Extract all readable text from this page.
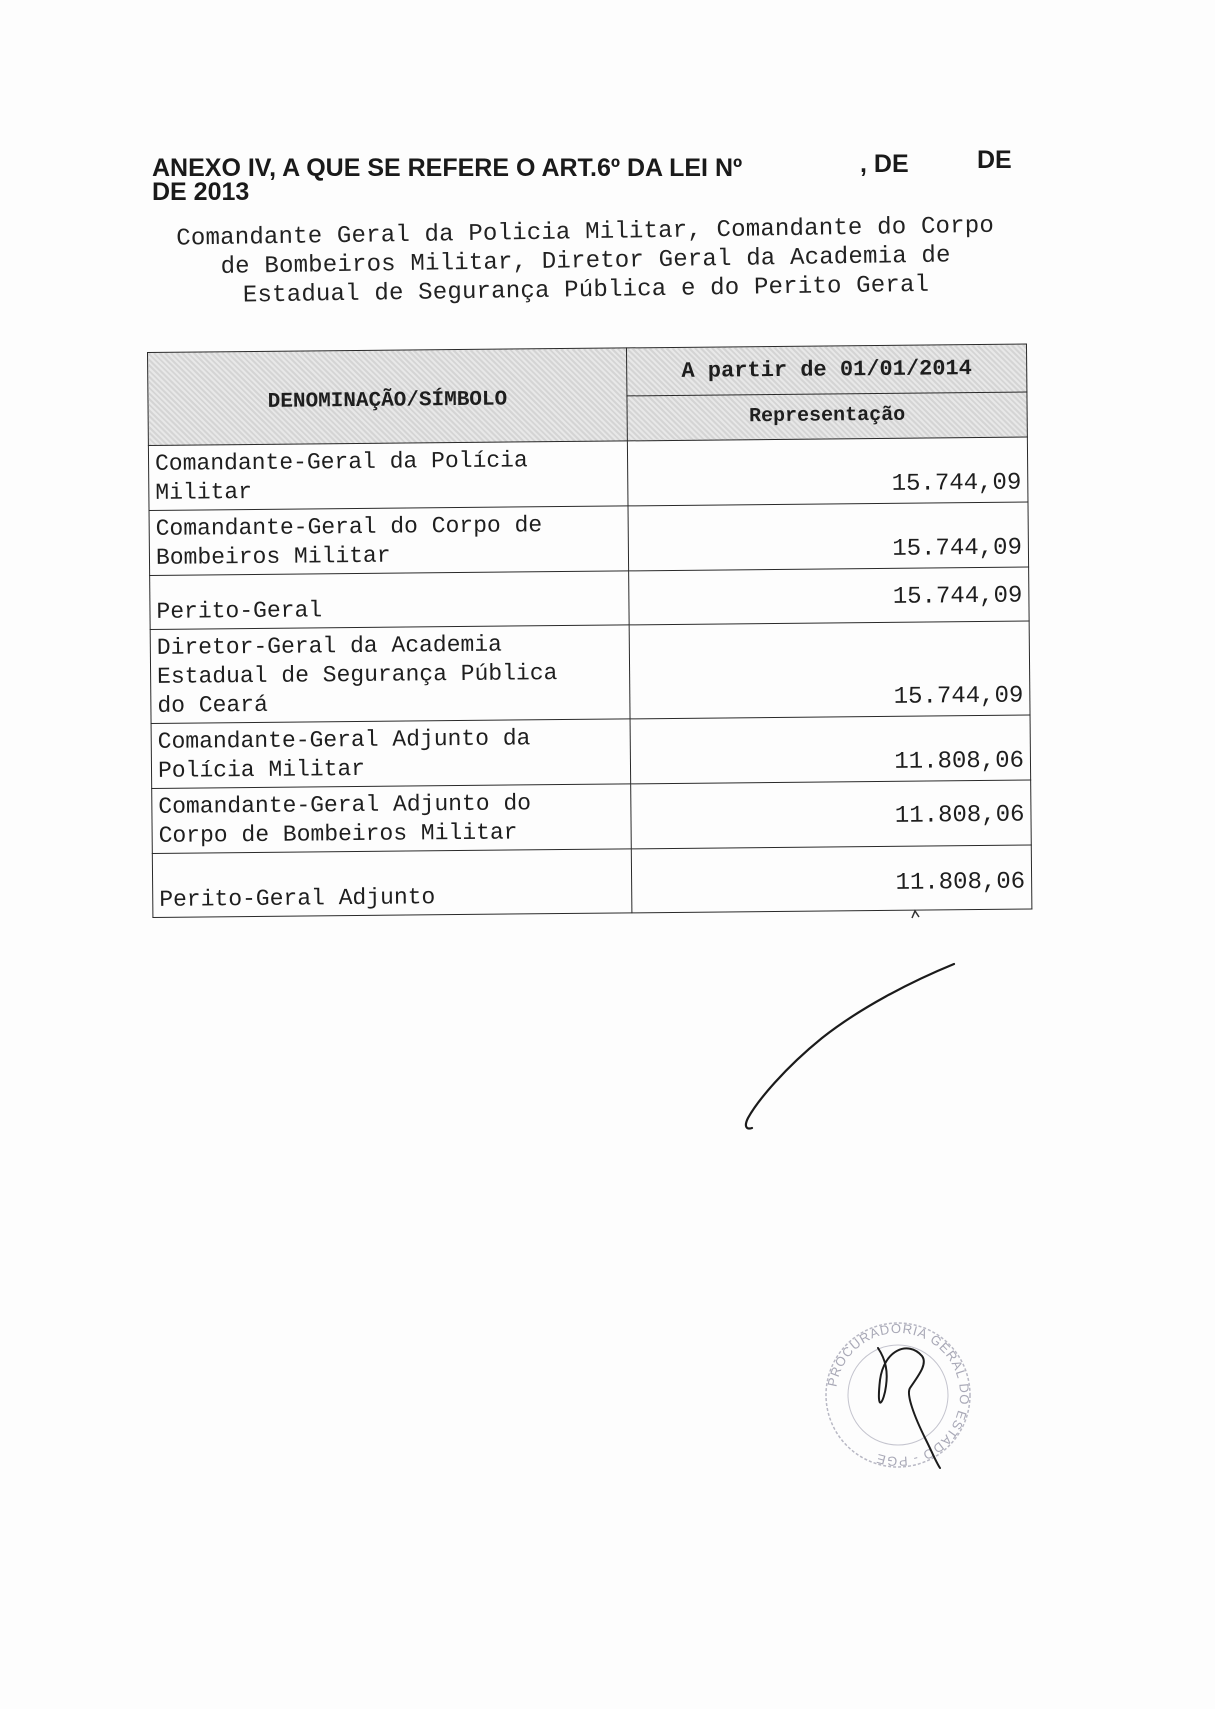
ANEXO IV, A QUE SE REFERE O ART.6º DA LEI Nº	, DE	DE
DE 2013
Comandante Geral da Policia Militar, Comandante do Corpo
de Bombeiros Militar, Diretor Geral da Academia de
Estadual de Segurança Pública e do Perito Geral
DENOMINAÇÃO/SÍMBOLO	A partir de 01/01/2014
	Representação

Comandante-Geral da Polícia
Militar	15.744,09

Comandante-Geral do Corpo de
Bombeiros Militar	15.744,09

Perito-Geral	15.744,09

Diretor-Geral da Academia
Estadual de Segurança Pública
do Ceará	15.744,09

Comandante-Geral Adjunto da
Polícia Militar	11.808,06

Comandante-Geral Adjunto do
Corpo de Bombeiros Militar	11.808,06

Perito-Geral Adjunto	11.808,06
PROCURADORIA GERAL DO ESTADO - PGE
